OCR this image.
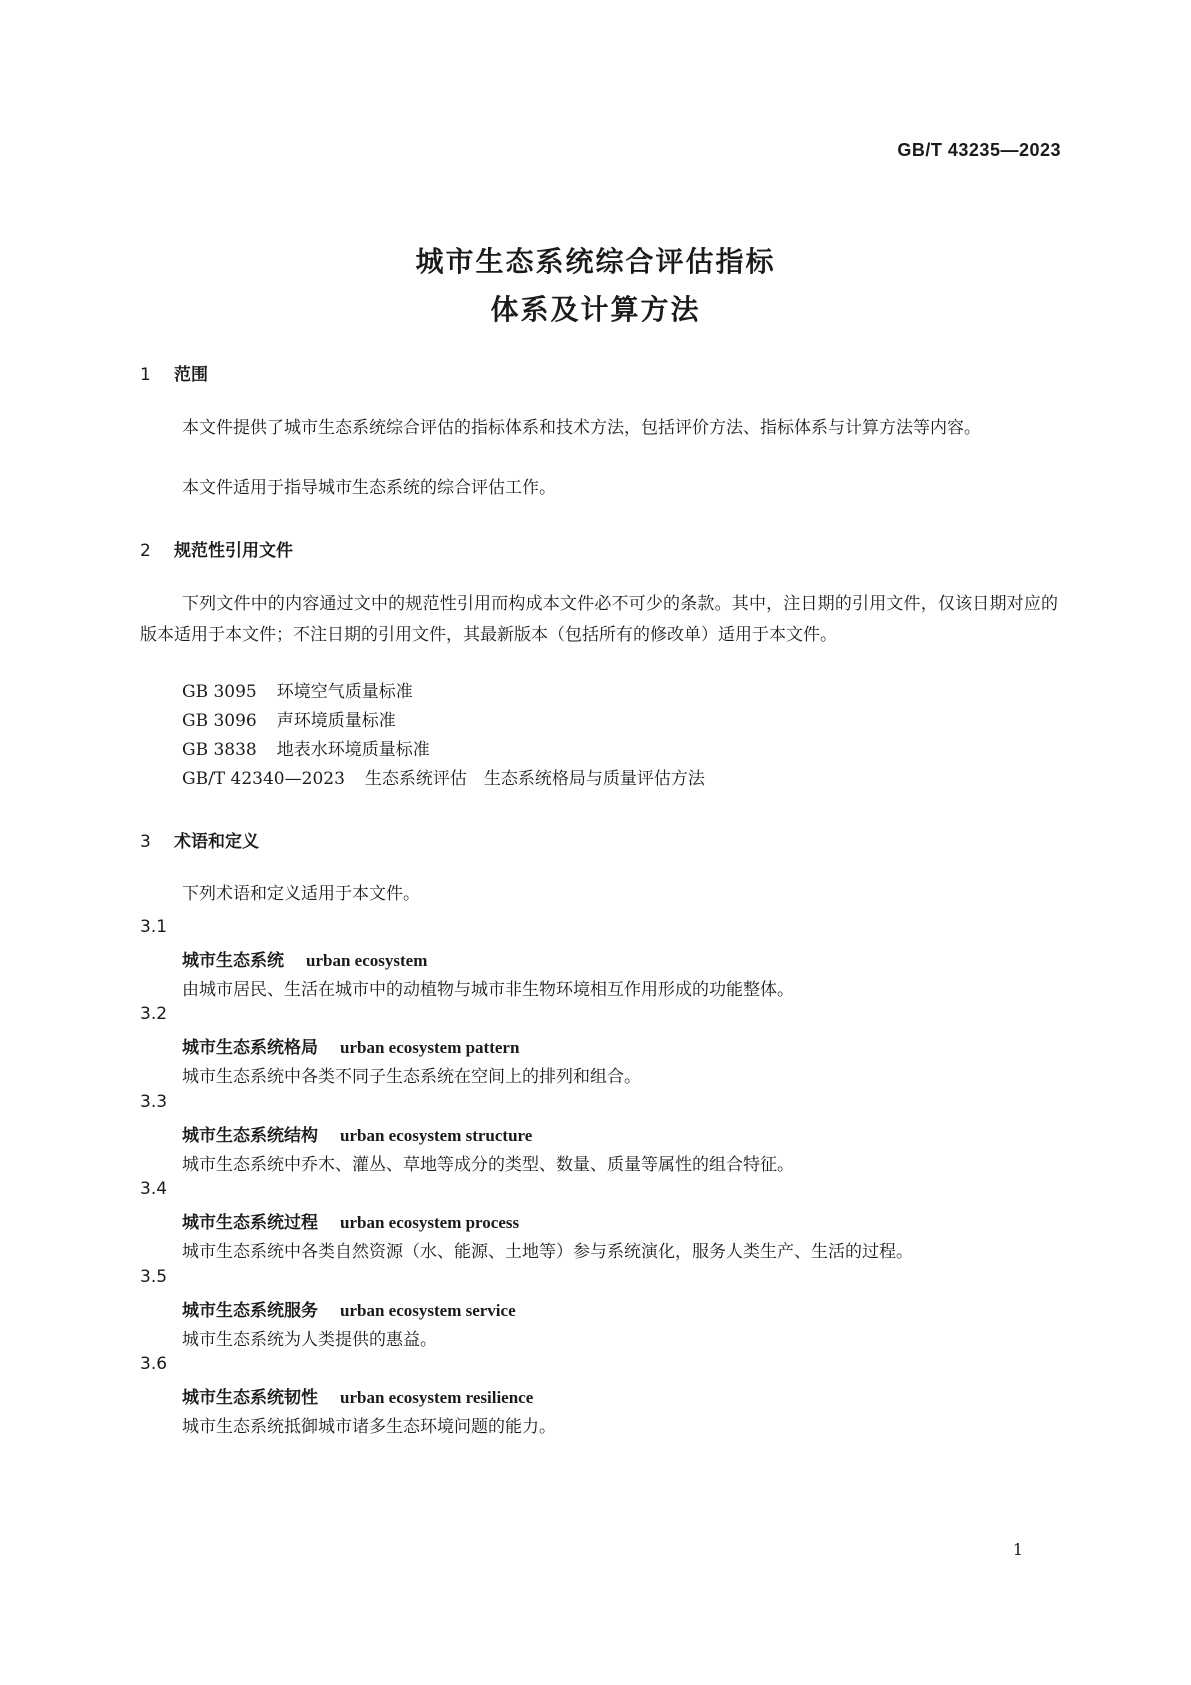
GB/T 43235—2023
城市生态系统综合评估指标
体系及计算方法
1 范围
本文件提供了城市生态系统综合评估的指标体系和技术方法，包括评价方法、指标体系与计算方法等内容。
本文件适用于指导城市生态系统的综合评估工作。
2 规范性引用文件
下列文件中的内容通过文中的规范性引用而构成本文件必不可少的条款。其中，注日期的引用文件，仅该日期对应的版本适用于本文件；不注日期的引用文件，其最新版本（包括所有的修改单）适用于本文件。
GB 3095 环境空气质量标准
GB 3096 声环境质量标准
GB 3838 地表水环境质量标准
GB/T 42340—2023 生态系统评估　生态系统格局与质量评估方法
3 术语和定义
下列术语和定义适用于本文件。
3.1
城市生态系统 urban ecosystem
由城市居民、生活在城市中的动植物与城市非生物环境相互作用形成的功能整体。
3.2
城市生态系统格局 urban ecosystem pattern
城市生态系统中各类不同子生态系统在空间上的排列和组合。
3.3
城市生态系统结构 urban ecosystem structure
城市生态系统中乔木、灌丛、草地等成分的类型、数量、质量等属性的组合特征。
3.4
城市生态系统过程 urban ecosystem process
城市生态系统中各类自然资源（水、能源、土地等）参与系统演化，服务人类生产、生活的过程。
3.5
城市生态系统服务 urban ecosystem service
城市生态系统为人类提供的惠益。
3.6
城市生态系统韧性 urban ecosystem resilience
城市生态系统抵御城市诸多生态环境问题的能力。
1
